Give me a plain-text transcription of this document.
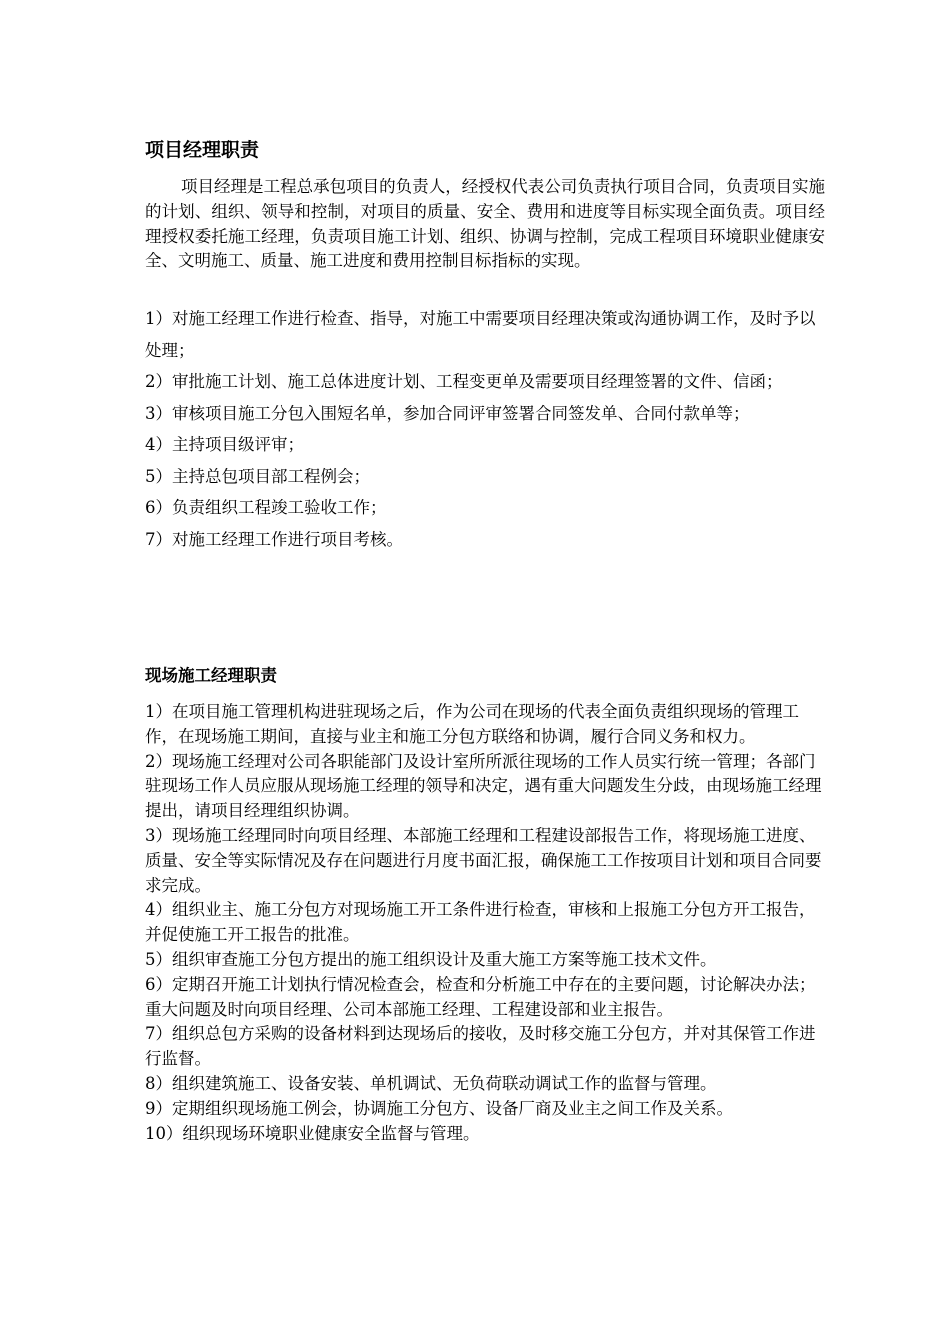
项目经理职责

项目经理是工程总承包项目的负责人，经授权代表公司负责执行项目合同，负责项目实施的计划、组织、领导和控制，对项目的质量、安全、费用和进度等目标实现全面负责。项目经理授权委托施工经理，负责项目施工计划、组织、协调与控制，完成工程项目环境职业健康安全、文明施工、质量、施工进度和费用控制目标指标的实现。

1）对施工经理工作进行检查、指导，对施工中需要项目经理决策或沟通协调工作，及时予以处理；
2）审批施工计划、施工总体进度计划、工程变更单及需要项目经理签署的文件、信函；
3）审核项目施工分包入围短名单，参加合同评审签署合同签发单、合同付款单等；
4）主持项目级评审；
5）主持总包项目部工程例会；
6）负责组织工程竣工验收工作；
7）对施工经理工作进行项目考核。
现场施工经理职责
1）在项目施工管理机构进驻现场之后，作为公司在现场的代表全面负责组织现场的管理工作，在现场施工期间，直接与业主和施工分包方联络和协调，履行合同义务和权力。
2）现场施工经理对公司各职能部门及设计室所所派往现场的工作人员实行统一管理；各部门驻现场工作人员应服从现场施工经理的领导和决定，遇有重大问题发生分歧，由现场施工经理提出，请项目经理组织协调。
3）现场施工经理同时向项目经理、本部施工经理和工程建设部报告工作，将现场施工进度、质量、安全等实际情况及存在问题进行月度书面汇报，确保施工工作按项目计划和项目合同要求完成。
4）组织业主、施工分包方对现场施工开工条件进行检查，审核和上报施工分包方开工报告，并促使施工开工报告的批准。
5）组织审查施工分包方提出的施工组织设计及重大施工方案等施工技术文件。
6）定期召开施工计划执行情况检查会，检查和分析施工中存在的主要问题，讨论解决办法；重大问题及时向项目经理、公司本部施工经理、工程建设部和业主报告。
7）组织总包方采购的设备材料到达现场后的接收，及时移交施工分包方，并对其保管工作进行监督。
8）组织建筑施工、设备安装、单机调试、无负荷联动调试工作的监督与管理。
9）定期组织现场施工例会，协调施工分包方、设备厂商及业主之间工作及关系。
10）组织现场环境职业健康安全监督与管理。
